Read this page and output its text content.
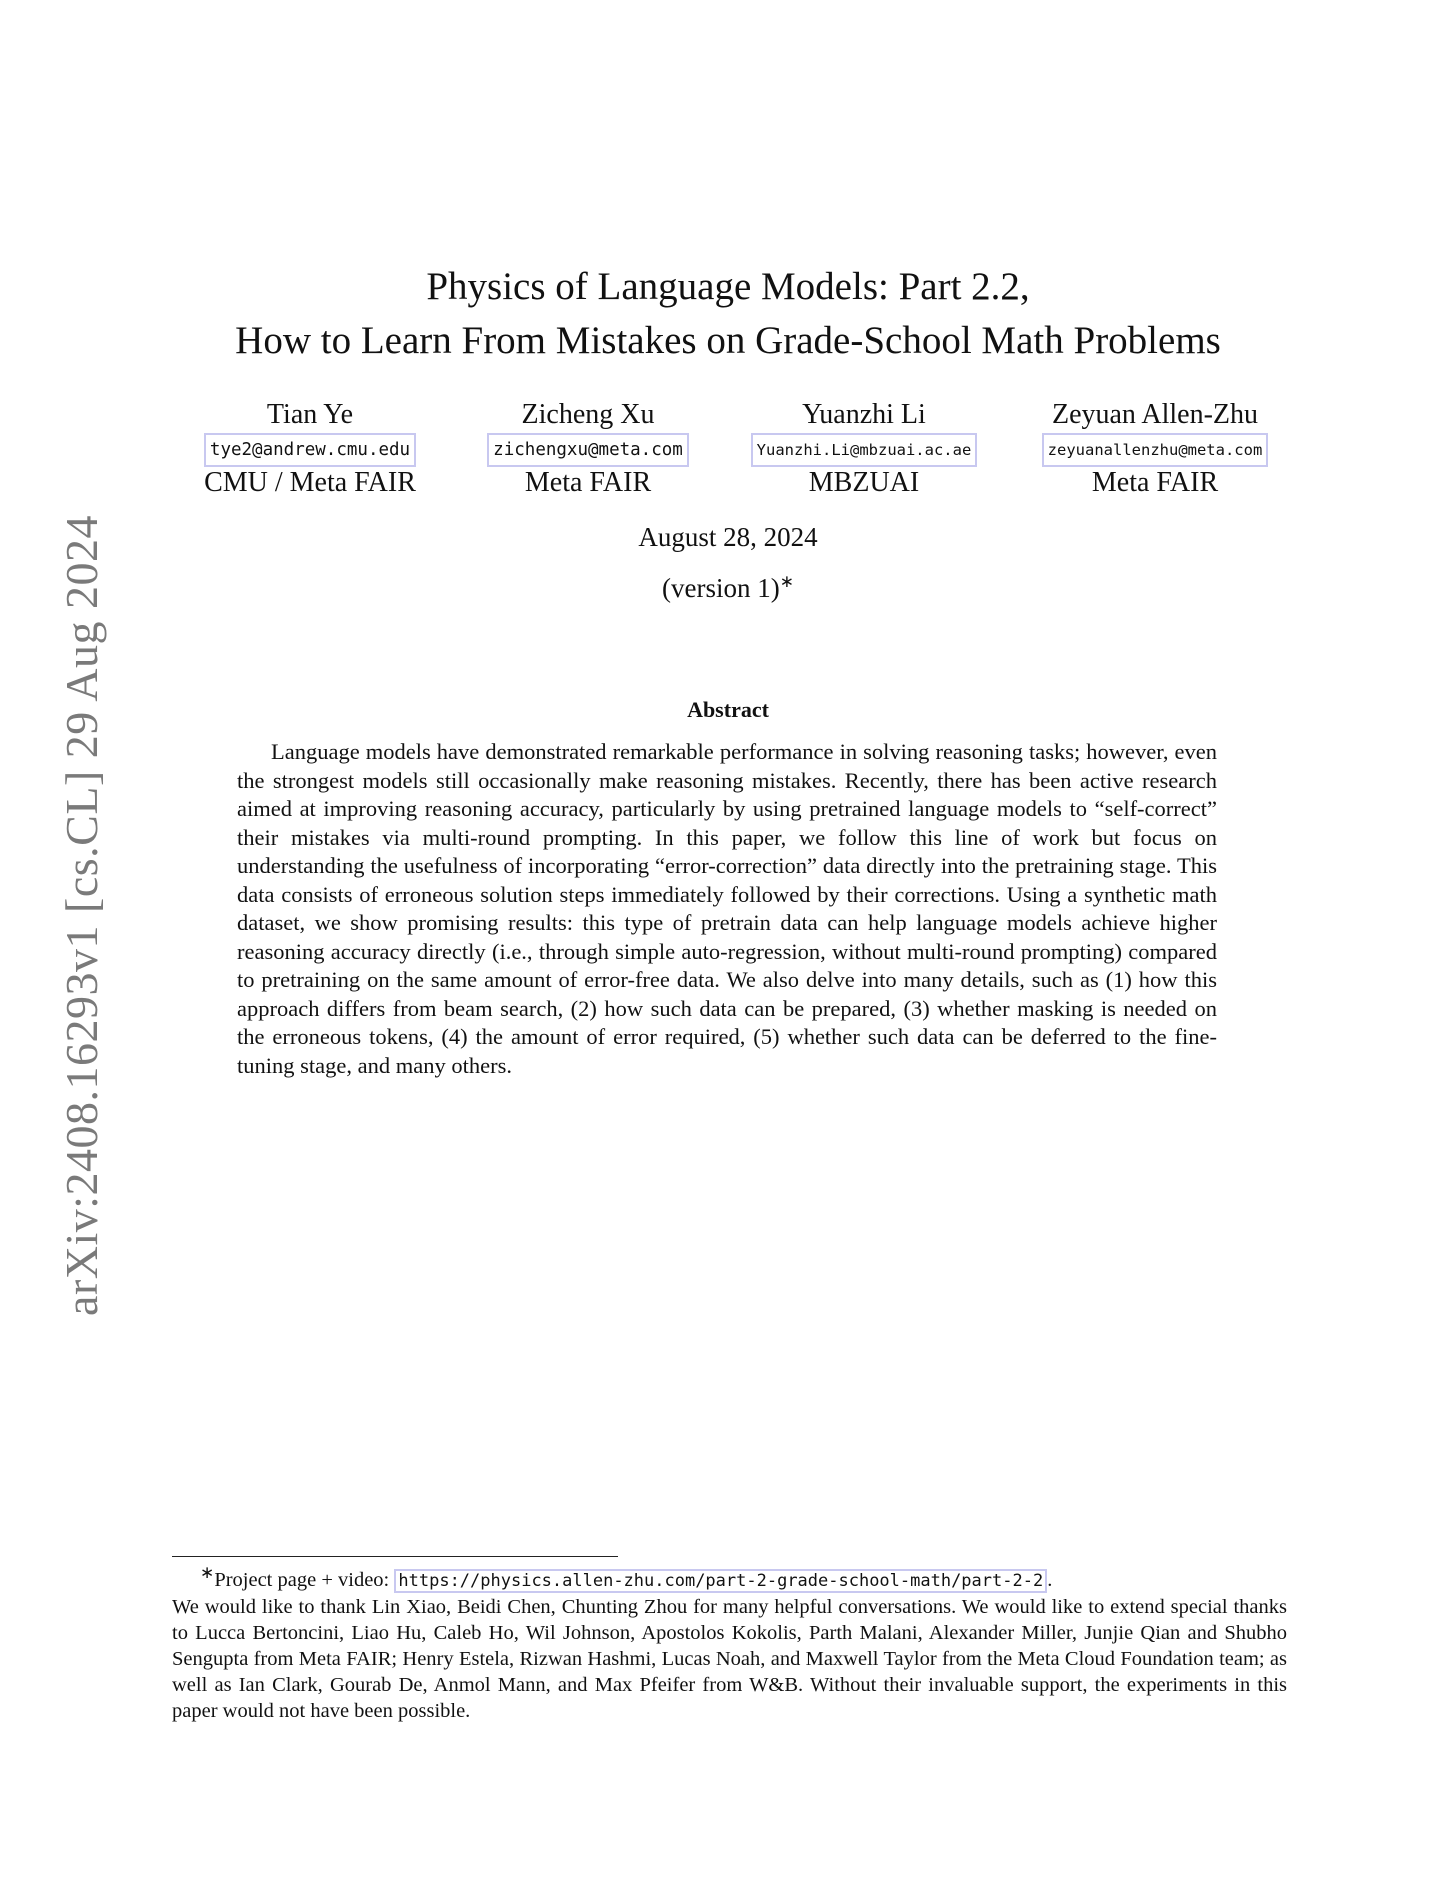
arXiv:2408.16293v1 [cs.CL] 29 Aug 2024
Physics of Language Models: Part 2.2,
How to Learn From Mistakes on Grade-School Math Problems
Tian Ye
tye2@andrew.cmu.edu
CMU / Meta FAIR
Zicheng Xu
zichengxu@meta.com
Meta FAIR
Yuanzhi Li
Yuanzhi.Li@mbzuai.ac.ae
MBZUAI
Zeyuan Allen-Zhu
zeyuanallenzhu@meta.com
Meta FAIR
August 28, 2024
(version 1)∗
Abstract
Language models have demonstrated remarkable performance in solving reasoning tasks; however, even the strongest models still occasionally make reasoning mistakes. Recently, there has been active research aimed at improving reasoning accuracy, particularly by using pretrained language models to “self-correct” their mistakes via multi-round prompting. In this paper, we follow this line of work but focus on understanding the usefulness of incorporating “error-correction” data directly into the pretraining stage. This data consists of erroneous solution steps immediately followed by their corrections. Using a synthetic math dataset, we show promising results: this type of pretrain data can help language models achieve higher reasoning accuracy directly (i.e., through simple auto-regression, without multi-round prompting) compared to pretraining on the same amount of error-free data. We also delve into many details, such as (1) how this approach differs from beam search, (2) how such data can be prepared, (3) whether masking is needed on the erroneous tokens, (4) the amount of error required, (5) whether such data can be deferred to the fine-tuning stage, and many others.
∗Project page + video: https://physics.allen-zhu.com/part-2-grade-school-math/part-2-2 .
We would like to thank Lin Xiao, Beidi Chen, Chunting Zhou for many helpful conversations. We would like to extend special thanks to Lucca Bertoncini, Liao Hu, Caleb Ho, Wil Johnson, Apostolos Kokolis, Parth Malani, Alexander Miller, Junjie Qian and Shubho Sengupta from Meta FAIR; Henry Estela, Rizwan Hashmi, Lucas Noah, and Maxwell Taylor from the Meta Cloud Foundation team; as well as Ian Clark, Gourab De, Anmol Mann, and Max Pfeifer from W&B. Without their invaluable support, the experiments in this paper would not have been possible.
